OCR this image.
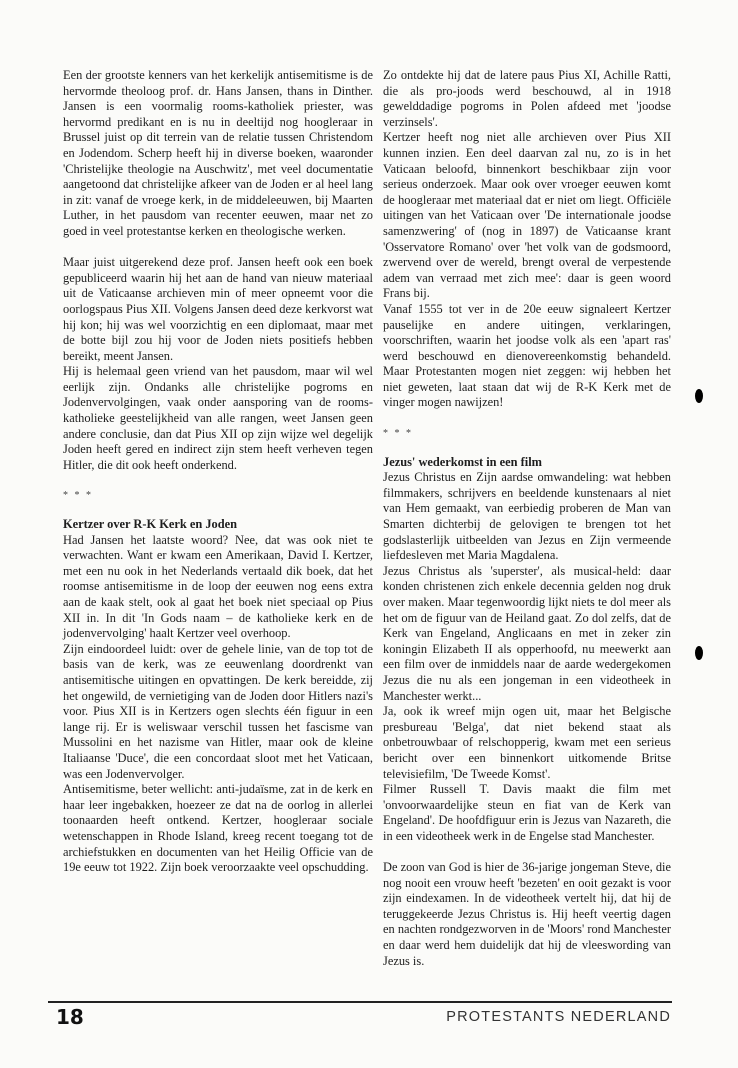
Een der grootste kenners van het kerkelijk antisemitisme is de hervormde theoloog prof. dr. Hans Jansen, thans in Dinther. Jansen is een voormalig rooms-katholiek priester, was hervormd predikant en is nu in deeltijd nog hoogleraar in Brussel juist op dit terrein van de relatie tussen Christendom en Jodendom. Scherp heeft hij in diverse boeken, waaronder 'Christelijke theologie na Auschwitz', met veel documentatie aangetoond dat christelijke afkeer van de Joden er al heel lang in zit: vanaf de vroege kerk, in de middeleeuwen, bij Maarten Luther, in het pausdom van recenter eeuwen, maar net zo goed in veel protestantse kerken en theologische werken.

Maar juist uitgerekend deze prof. Jansen heeft ook een boek gepubliceerd waarin hij het aan de hand van nieuw materiaal uit de Vaticaanse archieven min of meer opneemt voor die oorlogspaus Pius XII. Volgens Jansen deed deze kerkvorst wat hij kon; hij was wel voorzichtig en een diplomaat, maar met de botte bijl zou hij voor de Joden niets positiefs hebben bereikt, meent Jansen.

Hij is helemaal geen vriend van het pausdom, maar wil wel eerlijk zijn. Ondanks alle christelijke pogroms en Jodenvervolgingen, vaak onder aansporing van de rooms-katholieke geestelijkheid van alle rangen, weet Jansen geen andere conclusie, dan dat Pius XII op zijn wijze wel degelijk Joden heeft gered en indirect zijn stem heeft verheven tegen Hitler, die dit ook heeft onderkend.

* * *

Kertzer over R-K Kerk en Joden

Had Jansen het laatste woord? Nee, dat was ook niet te verwachten. Want er kwam een Amerikaan, David I. Kertzer, met een nu ook in het Nederlands vertaald dik boek, dat het roomse antisemitisme in de loop der eeuwen nog eens extra aan de kaak stelt, ook al gaat het boek niet speciaal op Pius XII in. In dit 'In Gods naam – de katholieke kerk en de jodenvervolging' haalt Kertzer veel overhoop.

Zijn eindoordeel luidt: over de gehele linie, van de top tot de basis van de kerk, was ze eeuwenlang doordrenkt van antisemitische uitingen en opvattingen. De kerk bereidde, zij het ongewild, de vernietiging van de Joden door Hitlers nazi's voor. Pius XII is in Kertzers ogen slechts één figuur in een lange rij. Er is weliswaar verschil tussen het fascisme van Mussolini en het nazisme van Hitler, maar ook de kleine Italiaanse 'Duce', die een concordaat sloot met het Vaticaan, was een Jodenvervolger.

Antisemitisme, beter wellicht: anti-judaïsme, zat in de kerk en haar leer ingebakken, hoezeer ze dat na de oorlog in allerlei toonaarden heeft ontkend. Kertzer, hoogleraar sociale wetenschappen in Rhode Island, kreeg recent toegang tot de archiefstukken en documenten van het Heilig Officie van de 19e eeuw tot 1922. Zijn boek veroorzaakte veel opschudding.

Zo ontdekte hij dat de latere paus Pius XI, Achille Ratti, die als pro-joods werd beschouwd, al in 1918 gewelddadige pogroms in Polen afdeed met 'joodse verzinsels'.

Kertzer heeft nog niet alle archieven over Pius XII kunnen inzien. Een deel daarvan zal nu, zo is in het Vaticaan beloofd, binnenkort beschikbaar zijn voor serieus onderzoek. Maar ook over vroeger eeuwen komt de hoogleraar met materiaal dat er niet om liegt. Officiële uitingen van het Vaticaan over 'De internationale joodse samenzwering' of (nog in 1897) de Vaticaanse krant 'Osservatore Romano' over 'het volk van de godsmoord, zwervend over de wereld, brengt overal de verpestende adem van verraad met zich mee': daar is geen woord Frans bij.

Vanaf 1555 tot ver in de 20e eeuw signaleert Kertzer pauselijke en andere uitingen, verklaringen, voorschriften, waarin het joodse volk als een 'apart ras' werd beschouwd en dienovereenkomstig behandeld. Maar Protestanten mogen niet zeggen: wij hebben het niet geweten, laat staan dat wij de R-K Kerk met de vinger mogen nawijzen!

* * *

Jezus' wederkomst in een film

Jezus Christus en Zijn aardse omwandeling: wat hebben filmmakers, schrijvers en beeldende kunstenaars al niet van Hem gemaakt, van eerbiedig proberen de Man van Smarten dichterbij de gelovigen te brengen tot het godslasterlijk uitbeelden van Jezus en Zijn vermeende liefdesleven met Maria Magdalena.

Jezus Christus als 'superster', als musical-held: daar konden christenen zich enkele decennia gelden nog druk over maken. Maar tegenwoordig lijkt niets te dol meer als het om de figuur van de Heiland gaat. Zo dol zelfs, dat de Kerk van Engeland, Anglicaans en met in zeker zin koningin Elizabeth II als opperhoofd, nu meewerkt aan een film over de inmiddels naar de aarde wedergekomen Jezus die nu als een jongeman in een videotheek in Manchester werkt...

Ja, ook ik wreef mijn ogen uit, maar het Belgische presbureau 'Belga', dat niet bekend staat als onbetrouwbaar of relschopperig, kwam met een serieus bericht over een binnenkort uitkomende Britse televisiefilm, 'De Tweede Komst'.

Filmer Russell T. Davis maakt die film met 'onvoorwaardelijke steun en fiat van de Kerk van Engeland'. De hoofdfiguur erin is Jezus van Nazareth, die in een videotheek werk in de Engelse stad Manchester.

De zoon van God is hier de 36-jarige jongeman Steve, die nog nooit een vrouw heeft 'bezeten' en ooit gezakt is voor zijn eindexamen. In de videotheek vertelt hij, dat hij de teruggekeerde Jezus Christus is. Hij heeft veertig dagen en nachten rondgezworven in de 'Moors' rond Manchester en daar werd hem duidelijk dat hij de vleeswording van Jezus is.

18	PROTESTANTS NEDERLAND
